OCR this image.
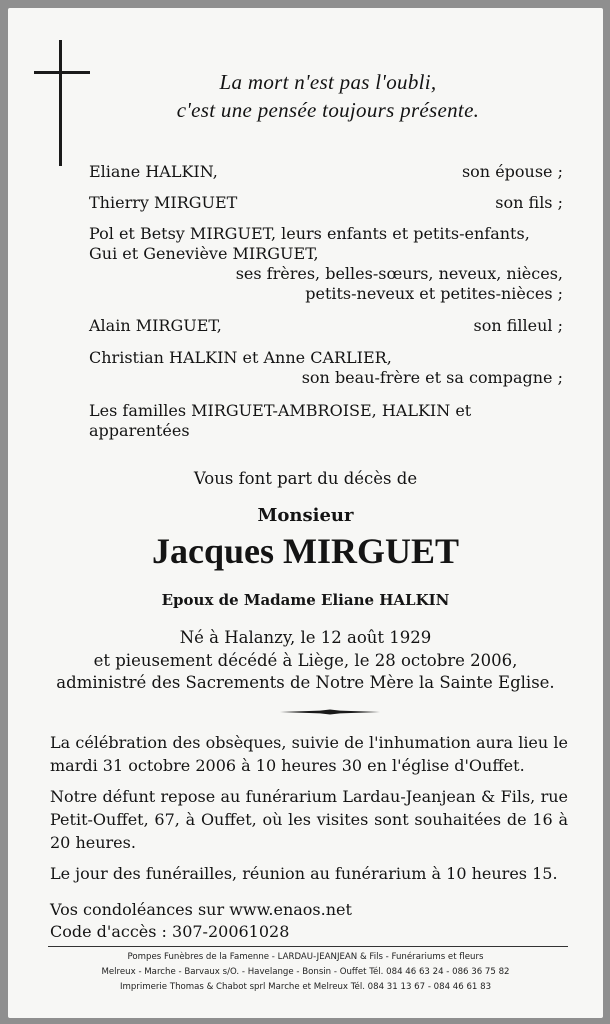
La mort n'est pas l'oubli,
c'est une pensée toujours présente.
Eliane HALKIN,	son épouse ;
Thierry MIRGUET	son fils ;
Pol et Betsy MIRGUET, leurs enfants et petits-enfants,
Gui et Geneviève MIRGUET,
ses frères, belles-sœurs, neveux, nièces,
petits-neveux et petites-nièces ;
Alain MIRGUET,	son filleul ;
Christian HALKIN et Anne CARLIER,
son beau-frère et sa compagne ;
Les familles MIRGUET-AMBROISE, HALKIN et
apparentées
Vous font part du décès de
Monsieur
Jacques MIRGUET
Epoux de Madame Eliane HALKIN
Né à Halanzy, le 12 août 1929
et pieusement décédé à Liège, le 28 octobre 2006,
administré des Sacrements de Notre Mère la Sainte Eglise.
La célébration des obsèques, suivie de l'inhumation aura lieu le mardi 31 octobre 2006 à 10 heures 30 en l'église d'Ouffet.
Notre défunt repose au funérarium Lardau-Jeanjean & Fils, rue Petit-Ouffet, 67, à Ouffet, où les visites sont souhaitées de 16 à 20 heures.
Le jour des funérailles, réunion au funérarium à 10 heures 15.
Vos condoléances sur www.enaos.net
Code d'accès : 307-20061028
Pompes Funèbres de la Famenne - LARDAU-JEANJEAN & Fils - Funérariums et fleurs
Melreux - Marche - Barvaux s/O. - Havelange - Bonsin - Ouffet Tél. 084 46 63 24 - 086 36 75 82
Imprimerie Thomas & Chabot sprl Marche et Melreux Tél. 084 31 13 67 - 084 46 61 83
